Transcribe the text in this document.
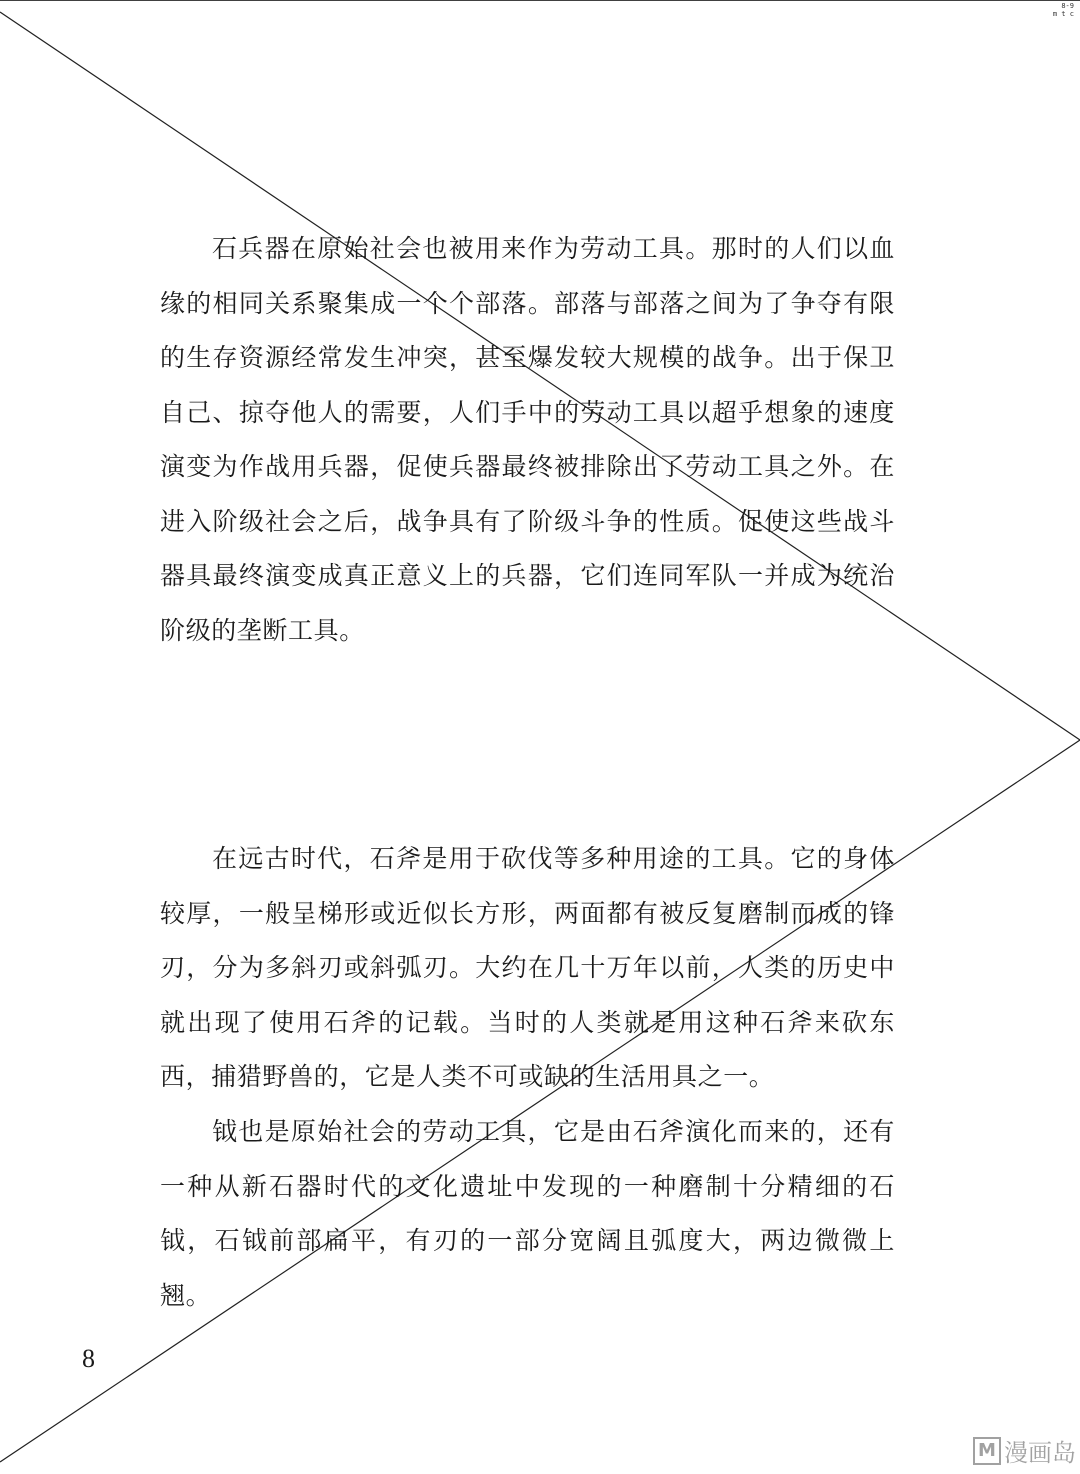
8-9
m t c

石兵器在原始社会也被用来作为劳动工具。那时的人们以血缘的相同关系聚集成一个个部落。部落与部落之间为了争夺有限的生存资源经常发生冲突，甚至爆发较大规模的战争。出于保卫自己、掠夺他人的需要，人们手中的劳动工具以超乎想象的速度演变为作战用兵器，促使兵器最终被排除出了劳动工具之外。在进入阶级社会之后，战争具有了阶级斗争的性质。促使这些战斗器具最终演变成真正意义上的兵器，它们连同军队一并成为统治阶级的垄断工具。

在远古时代，石斧是用于砍伐等多种用途的工具。它的身体较厚，一般呈梯形或近似长方形，两面都有被反复磨制而成的锋刃，分为多斜刃或斜弧刃。大约在几十万年以前，人类的历史中就出现了使用石斧的记载。当时的人类就是用这种石斧来砍东西，捕猎野兽的，它是人类不可或缺的生活用具之一。

钺也是原始社会的劳动工具，它是由石斧演化而来的，还有一种从新石器时代的文化遗址中发现的一种磨制十分精细的石钺，石钺前部扁平，有刃的一部分宽阔且弧度大，两边微微上翘。

8
M 漫画岛
